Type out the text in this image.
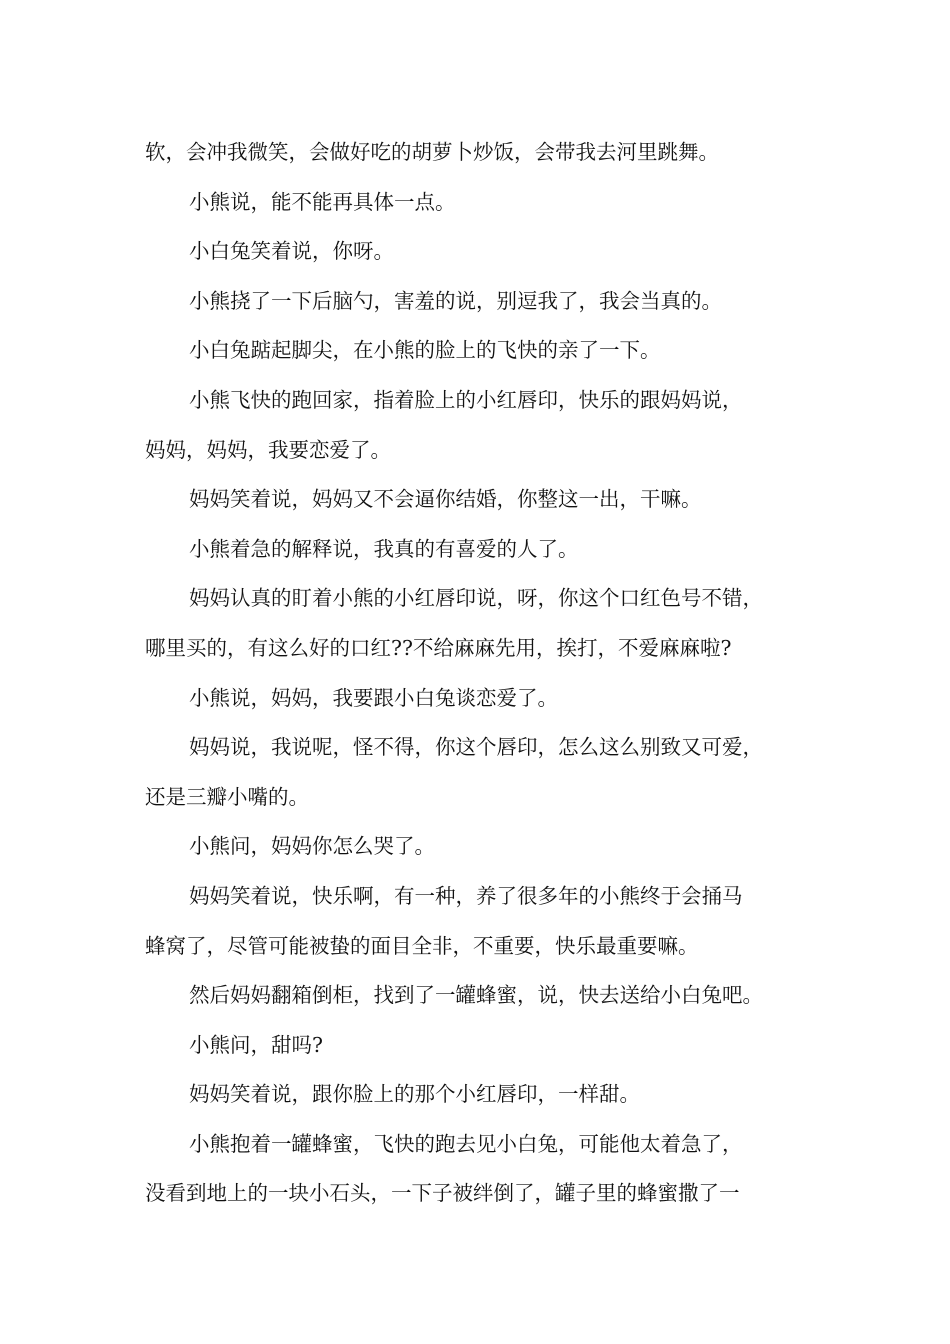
软，会冲我微笑，会做好吃的胡萝卜炒饭，会带我去河里跳舞。
小熊说，能不能再具体一点。
小白兔笑着说，你呀。
小熊挠了一下后脑勺，害羞的说，别逗我了，我会当真的。
小白兔踮起脚尖，在小熊的脸上的飞快的亲了一下。
小熊飞快的跑回家，指着脸上的小红唇印，快乐的跟妈妈说，
妈妈，妈妈，我要恋爱了。
妈妈笑着说，妈妈又不会逼你结婚，你整这一出，干嘛。
小熊着急的解释说，我真的有喜爱的人了。
妈妈认真的盯着小熊的小红唇印说，呀，你这个口红色号不错，
哪里买的，有这么好的口红??不给麻麻先用，挨打，不爱麻麻啦?
小熊说，妈妈，我要跟小白兔谈恋爱了。
妈妈说，我说呢，怪不得，你这个唇印，怎么这么别致又可爱，
还是三瓣小嘴的。
小熊问，妈妈你怎么哭了。
妈妈笑着说，快乐啊，有一种，养了很多年的小熊终于会捅马
蜂窝了，尽管可能被蛰的面目全非，不重要，快乐最重要嘛。
然后妈妈翻箱倒柜，找到了一罐蜂蜜，说，快去送给小白兔吧。
小熊问，甜吗?
妈妈笑着说，跟你脸上的那个小红唇印，一样甜。
小熊抱着一罐蜂蜜，飞快的跑去见小白兔，可能他太着急了，
没看到地上的一块小石头，一下子被绊倒了，罐子里的蜂蜜撒了一
